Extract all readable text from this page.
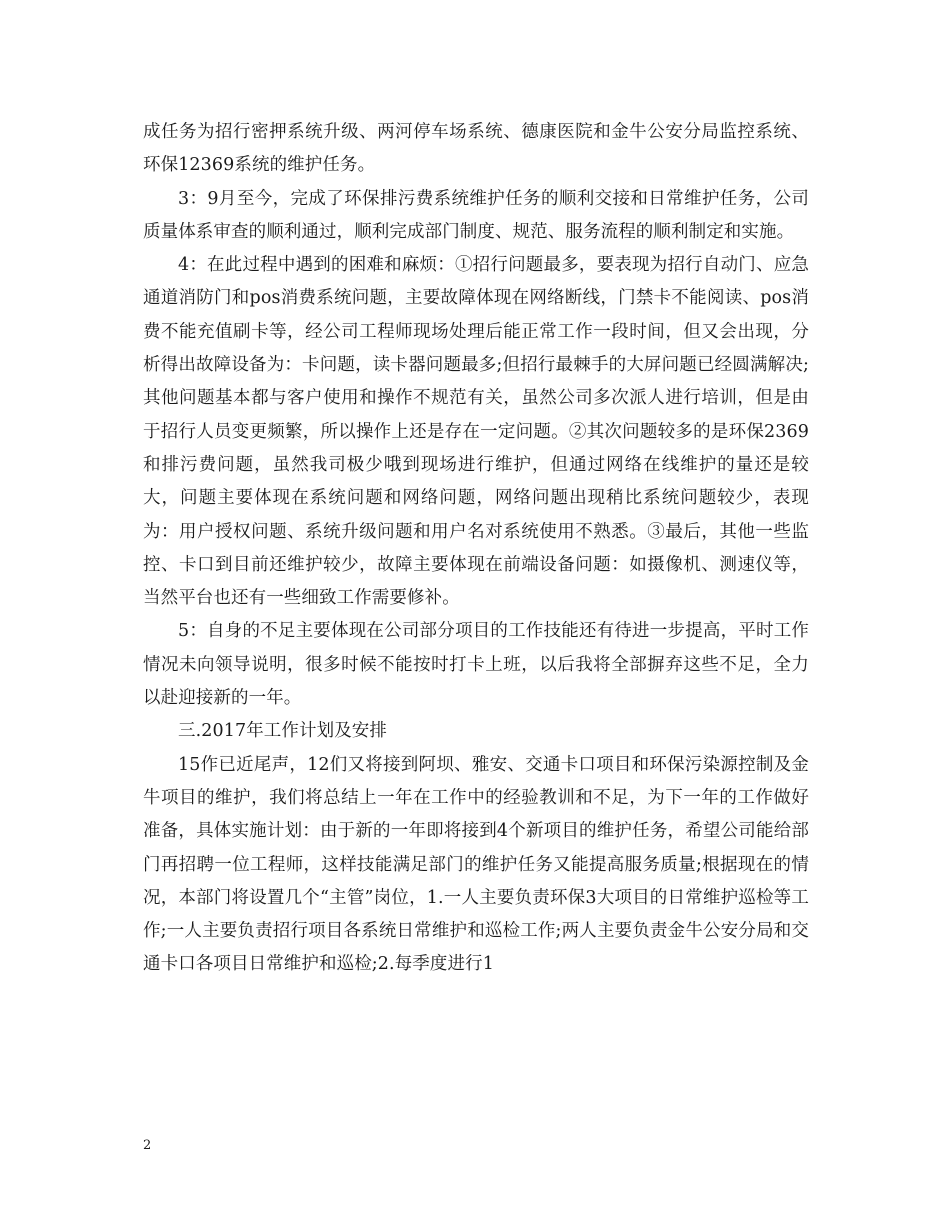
成任务为招行密押系统升级、两河停车场系统、德康医院和金牛公安分局监控系统、环保12369系统的维护任务。

3：9月至今，完成了环保排污费系统维护任务的顺利交接和日常维护任务，公司质量体系审查的顺利通过，顺利完成部门制度、规范、服务流程的顺利制定和实施。

4：在此过程中遇到的困难和麻烦：①招行问题最多，要表现为招行自动门、应急通道消防门和pos消费系统问题，主要故障体现在网络断线，门禁卡不能阅读、pos消费不能充值刷卡等，经公司工程师现场处理后能正常工作一段时间，但又会出现，分析得出故障设备为：卡问题，读卡器问题最多;但招行最棘手的大屏问题已经圆满解决;其他问题基本都与客户使用和操作不规范有关，虽然公司多次派人进行培训，但是由于招行人员变更频繁，所以操作上还是存在一定问题。②其次问题较多的是环保2369和排污费问题，虽然我司极少哦到现场进行维护，但通过网络在线维护的量还是较大，问题主要体现在系统问题和网络问题，网络问题出现稍比系统问题较少，表现为：用户授权问题、系统升级问题和用户名对系统使用不熟悉。③最后，其他一些监控、卡口到目前还维护较少，故障主要体现在前端设备问题：如摄像机、测速仪等，当然平台也还有一些细致工作需要修补。

5：自身的不足主要体现在公司部分项目的工作技能还有待进一步提高，平时工作情况未向领导说明，很多时候不能按时打卡上班，以后我将全部摒弃这些不足，全力以赴迎接新的一年。

三.2017年工作计划及安排

15作已近尾声，12们又将接到阿坝、雅安、交通卡口项目和环保污染源控制及金牛项目的维护，我们将总结上一年在工作中的经验教训和不足，为下一年的工作做好准备，具体实施计划：由于新的一年即将接到4个新项目的维护任务，希望公司能给部门再招聘一位工程师，这样技能满足部门的维护任务又能提高服务质量;根据现在的情况，本部门将设置几个“主管”岗位，1.一人主要负责环保3大项目的日常维护巡检等工作;一人主要负责招行项目各系统日常维护和巡检工作;两人主要负责金牛公安分局和交通卡口各项目日常维护和巡检;2.每季度进行1

2
